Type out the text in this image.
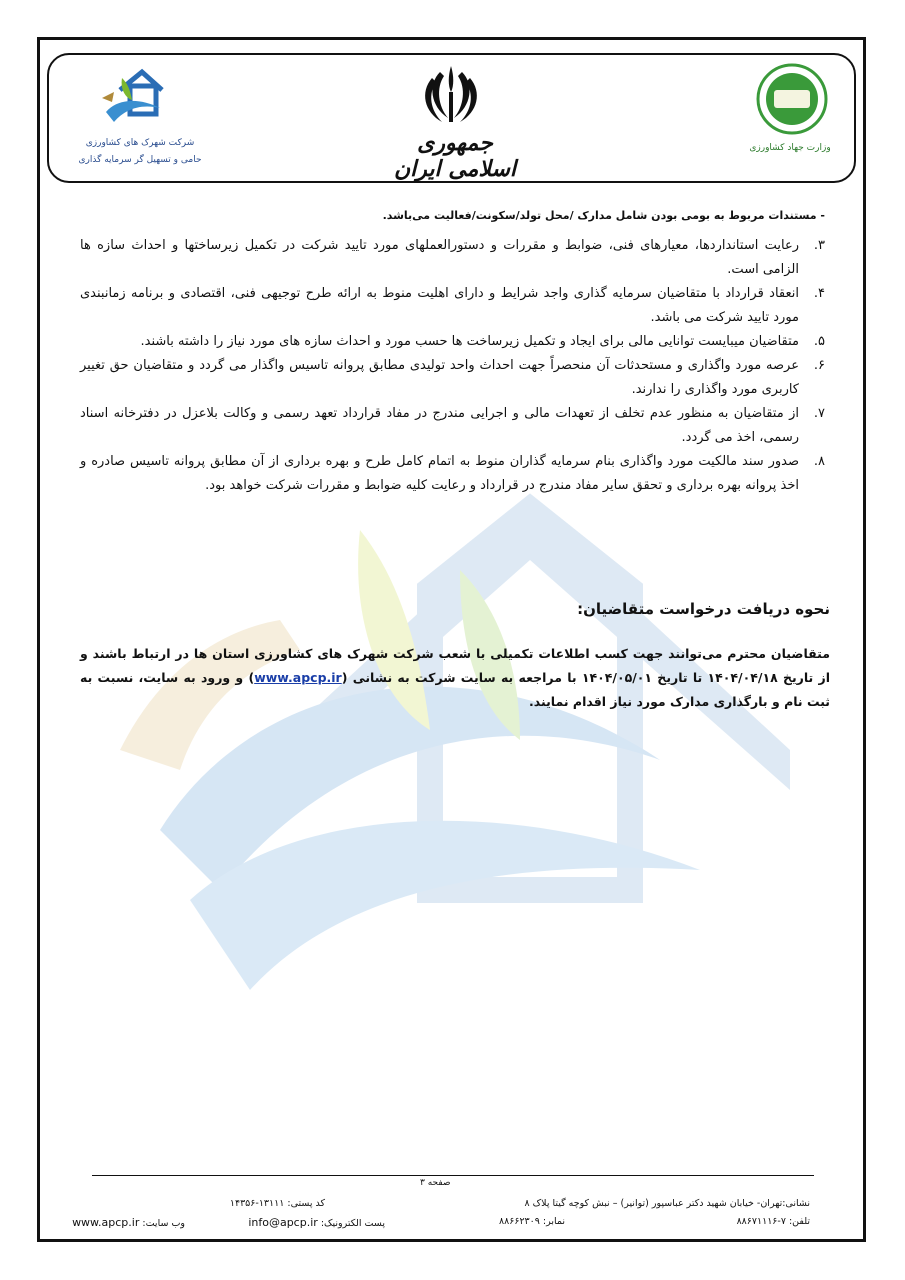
جمهوری اسلامی ایران
شرکت شهرک های کشاورزی
حامی و تسهیل گر سرمایه گذاری
وزارت جهاد کشاورزی

- مستندات مربوط به بومی بودن شامل مدارک /محل تولد/سکونت/فعالیت می‌باشد.

۳.
رعایت استانداردها، معیارهای فنی، ضوابط و مقررات و دستورالعملهای مورد تایید شرکت در تکمیل زیرساختها و احداث سازه ها الزامی است.
۴.
انعقاد قرارداد با متقاضیان سرمایه گذاری واجد شرایط و دارای اهلیت منوط به ارائه طرح توجیهی فنی، اقتصادی و برنامه زمانبندی مورد تایید شرکت می باشد.
۵.
متقاضیان میبایست توانایی مالی برای ایجاد و تکمیل زیرساخت ها حسب مورد و احداث سازه های مورد نیاز را داشته باشند.
۶.
عرصه مورد واگذاری و مستحدثات آن منحصراً جهت احداث واحد تولیدی مطابق پروانه تاسیس واگذار می گردد و متقاضیان حق تغییر کاربری مورد واگذاری را ندارند.
۷.
از متقاضیان به منظور عدم تخلف از تعهدات مالی و اجرایی مندرج در مفاد قرارداد تعهد رسمی و وکالت بلاعزل در دفترخانه اسناد رسمی، اخذ می گردد.
۸.
صدور سند مالکیت مورد واگذاری بنام سرمایه گذاران منوط به اتمام کامل طرح و بهره برداری از آن مطابق پروانه تاسیس صادره و اخذ پروانه بهره برداری و تحقق سایر مفاد مندرج در قرارداد و رعایت کلیه ضوابط و مقررات شرکت خواهد بود.
نحوه دریافت درخواست متقاضیان:

متقاضیان محترم می‌توانند جهت کسب اطلاعات تکمیلی با شعب شرکت شهرک های کشاورزی استان ها در ارتباط باشند و از تاریخ ۱۴۰۴/۰۴/۱۸ تا تاریخ ۱۴۰۴/۰۵/۰۱ با مراجعه به سایت شرکت به نشانی (www.apcp.ir) و ورود به سایت، نسبت به ثبت نام و بارگذاری مدارک مورد نیاز اقدام نمایند.

صفحه ۳
نشانی:تهران- خیابان شهید دکتر عباسپور (توانیر) – نبش کوچه گیتا پلاک ۸
کد پستی: ۱۳۱۱۱-۱۴۳۵۶
تلفن: ۷-۸۸۶۷۱۱۱۶
نمابر: ۸۸۶۶۲۳۰۹
پست الکترونیک: info@apcp.ir
وب سایت: www.apcp.ir
